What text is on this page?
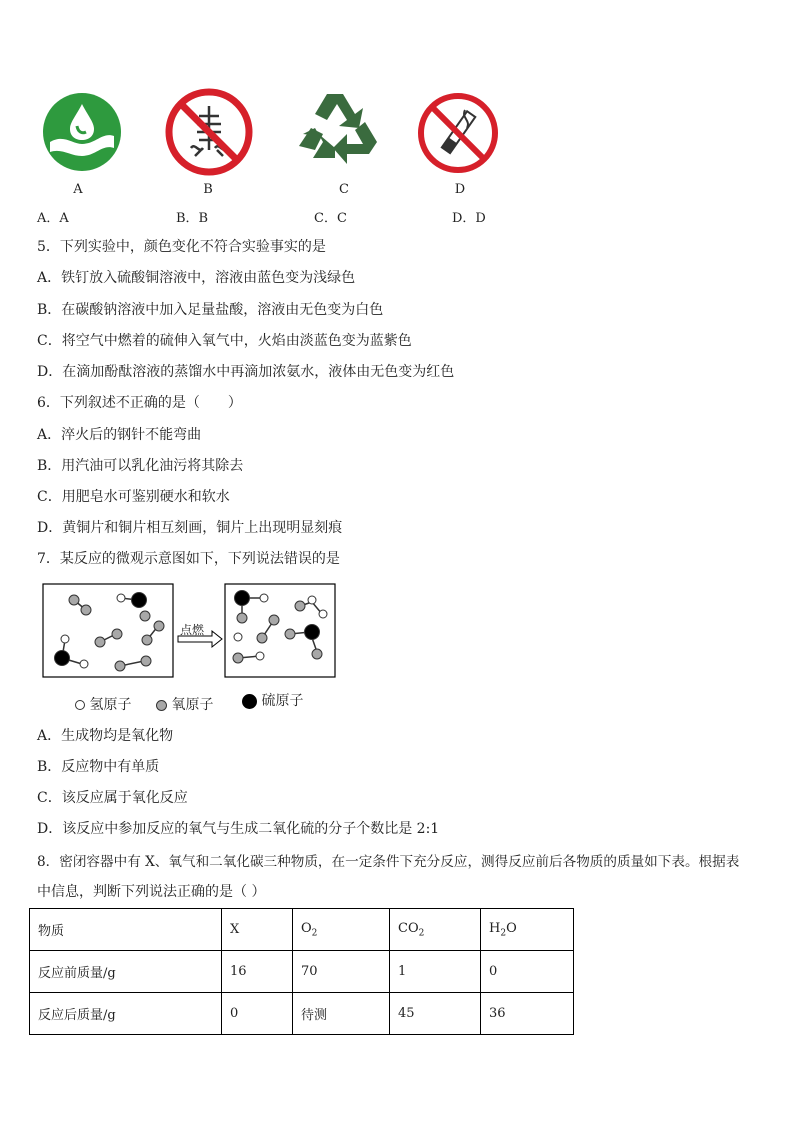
A	B	C	D
A．A	B．B	C．C	D．D
5．下列实验中，颜色变化不符合实验事实的是
A．铁钉放入硫酸铜溶液中，溶液由蓝色变为浅绿色
B．在碳酸钠溶液中加入足量盐酸，溶液由无色变为白色
C．将空气中燃着的硫伸入氧气中，火焰由淡蓝色变为蓝紫色
D．在滴加酚酞溶液的蒸馏水中再滴加浓氨水，液体由无色变为红色
6．下列叙述不正确的是（　　）
A．淬火后的钢针不能弯曲
B．用汽油可以乳化油污将其除去
C．用肥皂水可鉴别硬水和软水
D．黄铜片和铜片相互刻画，铜片上出现明显刻痕
7．某反应的微观示意图如下，下列说法错误的是
点燃
氢原子	氧原子	硫原子
A．生成物均是氧化物
B．反应物中有单质
C．该反应属于氧化反应
D．该反应中参加反应的氧气与生成二氧化硫的分子个数比是 2:1
8．密闭容器中有 X、氧气和二氧化碳三种物质，在一定条件下充分反应，测得反应前后各物质的质量如下表。根据表
中信息，判断下列说法正确的是（ ）
物质	X	$O_2$	$CO_2$	$H_2O$
反应前质量/g	16	70	1	0
反应后质量/g	0	待测	45	36
